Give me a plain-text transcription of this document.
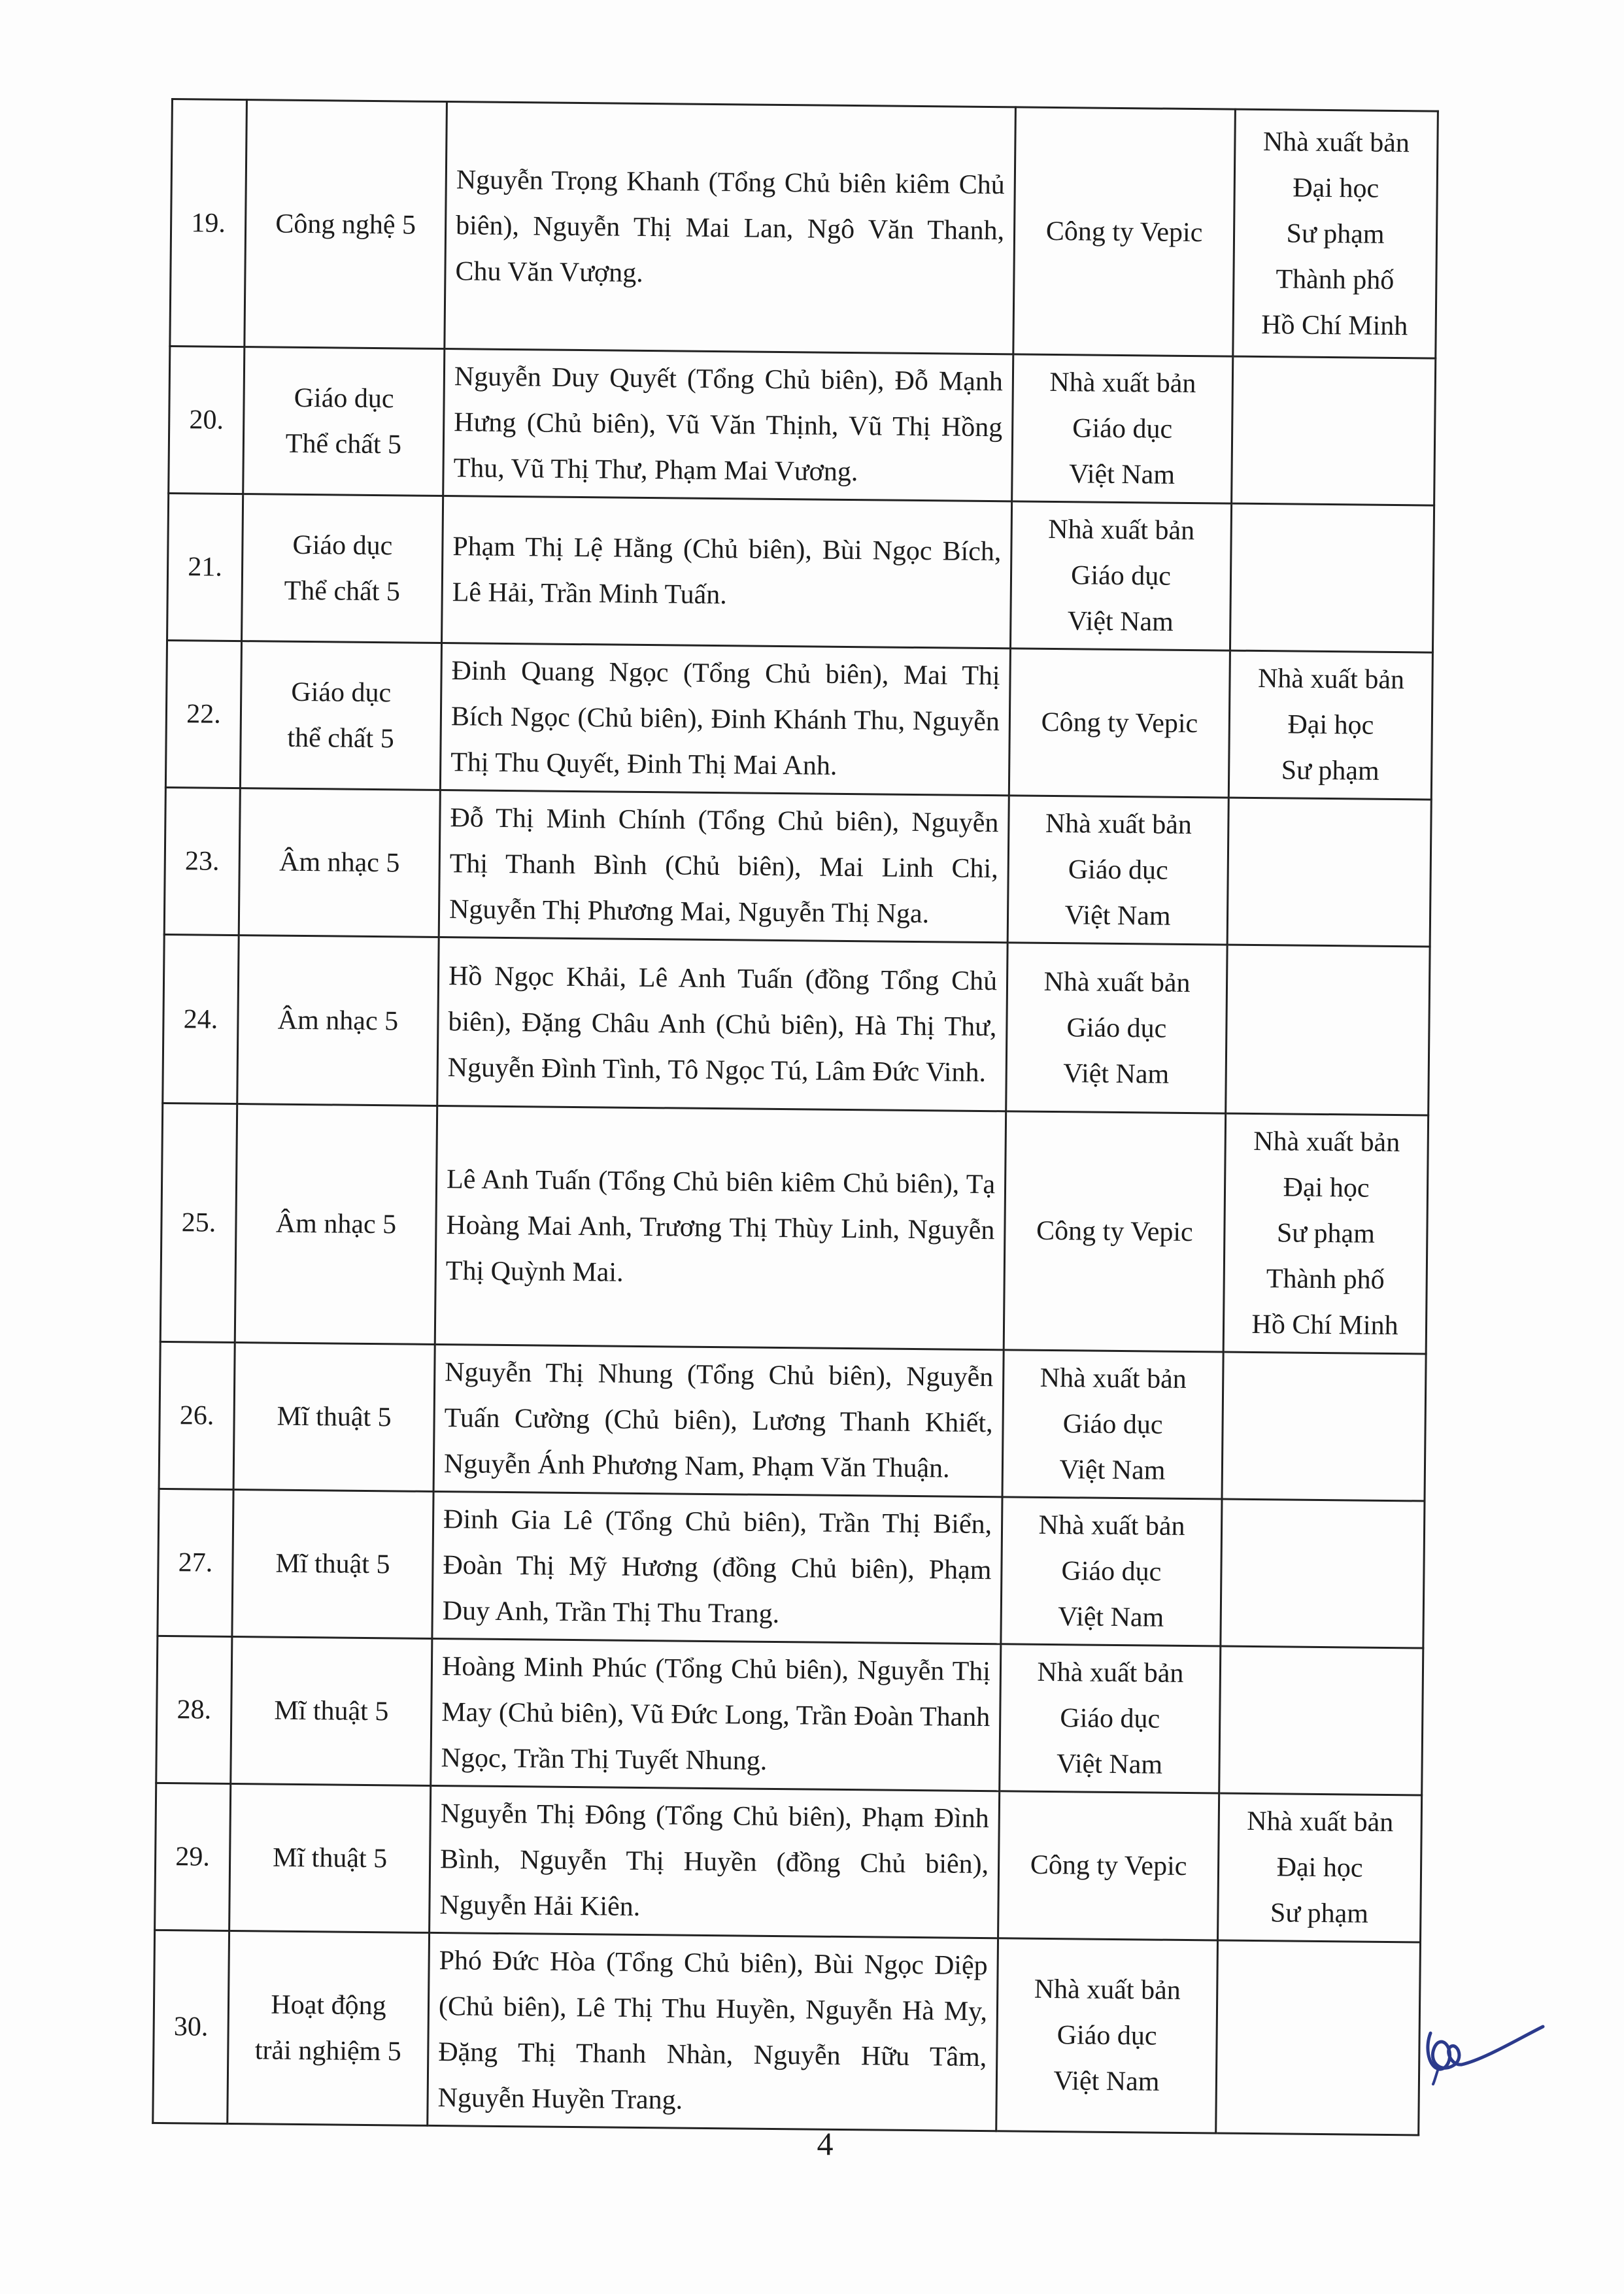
19.	Công nghệ 5	Nguyễn Trọng Khanh (Tổng Chủ biên kiêm Chủ biên), Nguyễn Thị Mai Lan, Ngô Văn Thanh, Chu Văn Vượng.	Công ty Vepic	Nhà xuất bản
Đại học
Sư phạm
Thành phố
Hồ Chí Minh

20.	Giáo dục
Thể chất 5	Nguyễn Duy Quyết (Tổng Chủ biên), Đỗ Mạnh Hưng (Chủ biên), Vũ Văn Thịnh, Vũ Thị Hồng Thu, Vũ Thị Thư, Phạm Mai Vương.	Nhà xuất bản
Giáo dục
Việt Nam	

21.	Giáo dục
Thể chất 5	Phạm Thị Lệ Hằng (Chủ biên), Bùi Ngọc Bích, Lê Hải, Trần Minh Tuấn.	Nhà xuất bản
Giáo dục
Việt Nam	

22.	Giáo dục
thể chất 5	Đinh Quang Ngọc (Tổng Chủ biên), Mai Thị Bích Ngọc (Chủ biên), Đinh Khánh Thu, Nguyễn Thị Thu Quyết, Đinh Thị Mai Anh.	Công ty Vepic	Nhà xuất bản
Đại học
Sư phạm

23.	Âm nhạc 5	Đỗ Thị Minh Chính (Tổng Chủ biên), Nguyễn Thị Thanh Bình (Chủ biên), Mai Linh Chi, Nguyễn Thị Phương Mai, Nguyễn Thị Nga.	Nhà xuất bản
Giáo dục
Việt Nam	

24.	Âm nhạc 5	Hồ Ngọc Khải, Lê Anh Tuấn (đồng Tổng Chủ biên), Đặng Châu Anh (Chủ biên), Hà Thị Thư, Nguyễn Đình Tình, Tô Ngọc Tú, Lâm Đức Vinh.	Nhà xuất bản
Giáo dục
Việt Nam	

25.	Âm nhạc 5	Lê Anh Tuấn (Tổng Chủ biên kiêm Chủ biên), Tạ Hoàng Mai Anh, Trương Thị Thùy Linh, Nguyễn Thị Quỳnh Mai.	Công ty Vepic	Nhà xuất bản
Đại học
Sư phạm
Thành phố
Hồ Chí Minh

26.	Mĩ thuật 5	Nguyễn Thị Nhung (Tổng Chủ biên), Nguyễn Tuấn Cường (Chủ biên), Lương Thanh Khiết, Nguyễn Ánh Phương Nam, Phạm Văn Thuận.	Nhà xuất bản
Giáo dục
Việt Nam	

27.	Mĩ thuật 5	Đinh Gia Lê (Tổng Chủ biên), Trần Thị Biển, Đoàn Thị Mỹ Hương (đồng Chủ biên), Phạm Duy Anh, Trần Thị Thu Trang.	Nhà xuất bản
Giáo dục
Việt Nam	

28.	Mĩ thuật 5	Hoàng Minh Phúc (Tổng Chủ biên), Nguyễn Thị May (Chủ biên), Vũ Đức Long, Trần Đoàn Thanh Ngọc, Trần Thị Tuyết Nhung.	Nhà xuất bản
Giáo dục
Việt Nam	

29.	Mĩ thuật 5	Nguyễn Thị Đông (Tổng Chủ biên), Phạm Đình Bình, Nguyễn Thị Huyền (đồng Chủ biên), Nguyễn Hải Kiên.	Công ty Vepic	Nhà xuất bản
Đại học
Sư phạm

30.	Hoạt động
trải nghiệm 5	Phó Đức Hòa (Tổng Chủ biên), Bùi Ngọc Diệp (Chủ biên), Lê Thị Thu Huyền, Nguyễn Hà My, Đặng Thị Thanh Nhàn, Nguyễn Hữu Tâm, Nguyễn Huyền Trang.	Nhà xuất bản
Giáo dục
Việt Nam	

4
